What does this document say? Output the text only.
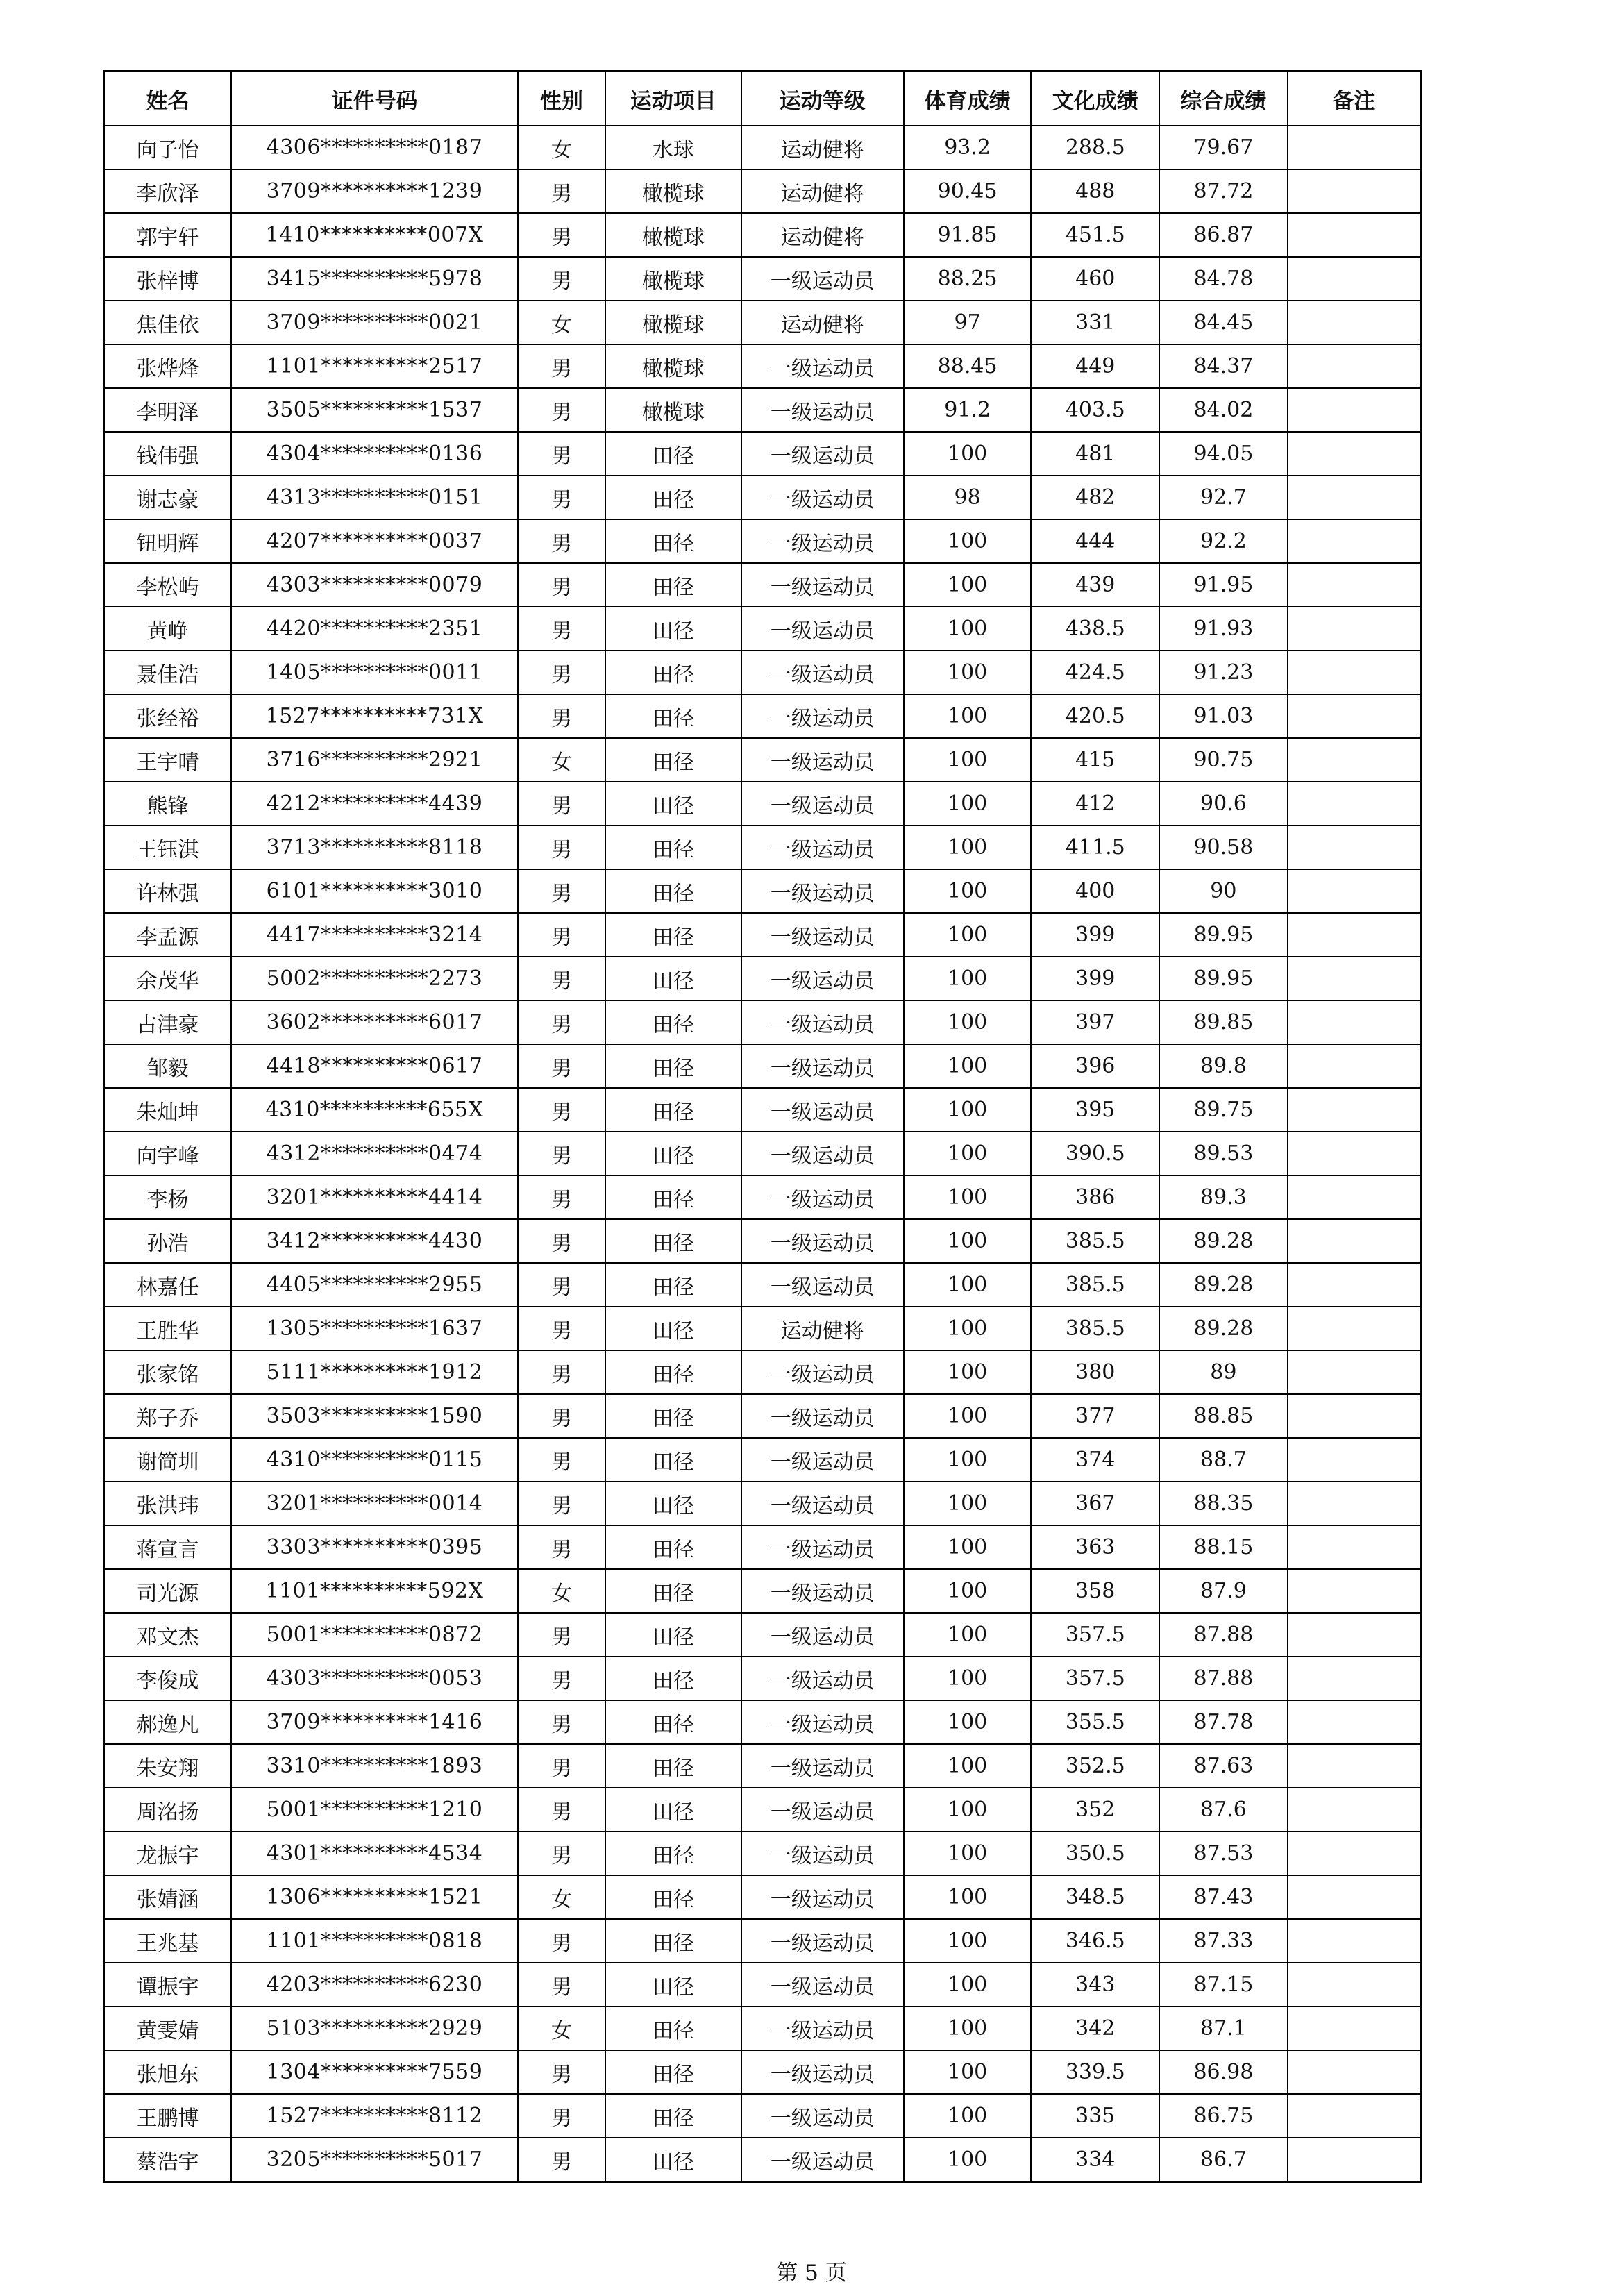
姓名	证件号码	性别	运动项目	运动等级	体育成绩	文化成绩	综合成绩	备注
向子怡	4306**********0187	女	水球	运动健将	93.2	288.5	79.67	
李欣泽	3709**********1239	男	橄榄球	运动健将	90.45	488	87.72	
郭宇轩	1410**********007X	男	橄榄球	运动健将	91.85	451.5	86.87	
张梓博	3415**********5978	男	橄榄球	一级运动员	88.25	460	84.78	
焦佳依	3709**********0021	女	橄榄球	运动健将	97	331	84.45	
张烨烽	1101**********2517	男	橄榄球	一级运动员	88.45	449	84.37	
李明泽	3505**********1537	男	橄榄球	一级运动员	91.2	403.5	84.02	
钱伟强	4304**********0136	男	田径	一级运动员	100	481	94.05	
谢志豪	4313**********0151	男	田径	一级运动员	98	482	92.7	
钮明辉	4207**********0037	男	田径	一级运动员	100	444	92.2	
李松屿	4303**********0079	男	田径	一级运动员	100	439	91.95	
黄峥	4420**********2351	男	田径	一级运动员	100	438.5	91.93	
聂佳浩	1405**********0011	男	田径	一级运动员	100	424.5	91.23	
张经裕	1527**********731X	男	田径	一级运动员	100	420.5	91.03	
王宇晴	3716**********2921	女	田径	一级运动员	100	415	90.75	
熊锋	4212**********4439	男	田径	一级运动员	100	412	90.6	
王钰淇	3713**********8118	男	田径	一级运动员	100	411.5	90.58	
许林强	6101**********3010	男	田径	一级运动员	100	400	90	
李孟源	4417**********3214	男	田径	一级运动员	100	399	89.95	
余茂华	5002**********2273	男	田径	一级运动员	100	399	89.95	
占津豪	3602**********6017	男	田径	一级运动员	100	397	89.85	
邹毅	4418**********0617	男	田径	一级运动员	100	396	89.8	
朱灿坤	4310**********655X	男	田径	一级运动员	100	395	89.75	
向宇峰	4312**********0474	男	田径	一级运动员	100	390.5	89.53	
李杨	3201**********4414	男	田径	一级运动员	100	386	89.3	
孙浩	3412**********4430	男	田径	一级运动员	100	385.5	89.28	
林嘉任	4405**********2955	男	田径	一级运动员	100	385.5	89.28	
王胜华	1305**********1637	男	田径	运动健将	100	385.5	89.28	
张家铭	5111**********1912	男	田径	一级运动员	100	380	89	
郑子乔	3503**********1590	男	田径	一级运动员	100	377	88.85	
谢简圳	4310**********0115	男	田径	一级运动员	100	374	88.7	
张洪玮	3201**********0014	男	田径	一级运动员	100	367	88.35	
蒋宣言	3303**********0395	男	田径	一级运动员	100	363	88.15	
司光源	1101**********592X	女	田径	一级运动员	100	358	87.9	
邓文杰	5001**********0872	男	田径	一级运动员	100	357.5	87.88	
李俊成	4303**********0053	男	田径	一级运动员	100	357.5	87.88	
郝逸凡	3709**********1416	男	田径	一级运动员	100	355.5	87.78	
朱安翔	3310**********1893	男	田径	一级运动员	100	352.5	87.63	
周洺扬	5001**********1210	男	田径	一级运动员	100	352	87.6	
龙振宇	4301**********4534	男	田径	一级运动员	100	350.5	87.53	
张婧涵	1306**********1521	女	田径	一级运动员	100	348.5	87.43	
王兆基	1101**********0818	男	田径	一级运动员	100	346.5	87.33	
谭振宇	4203**********6230	男	田径	一级运动员	100	343	87.15	
黄雯婧	5103**********2929	女	田径	一级运动员	100	342	87.1	
张旭东	1304**********7559	男	田径	一级运动员	100	339.5	86.98	
王鹏博	1527**********8112	男	田径	一级运动员	100	335	86.75	
蔡浩宇	3205**********5017	男	田径	一级运动员	100	334	86.7	
第 5 页
